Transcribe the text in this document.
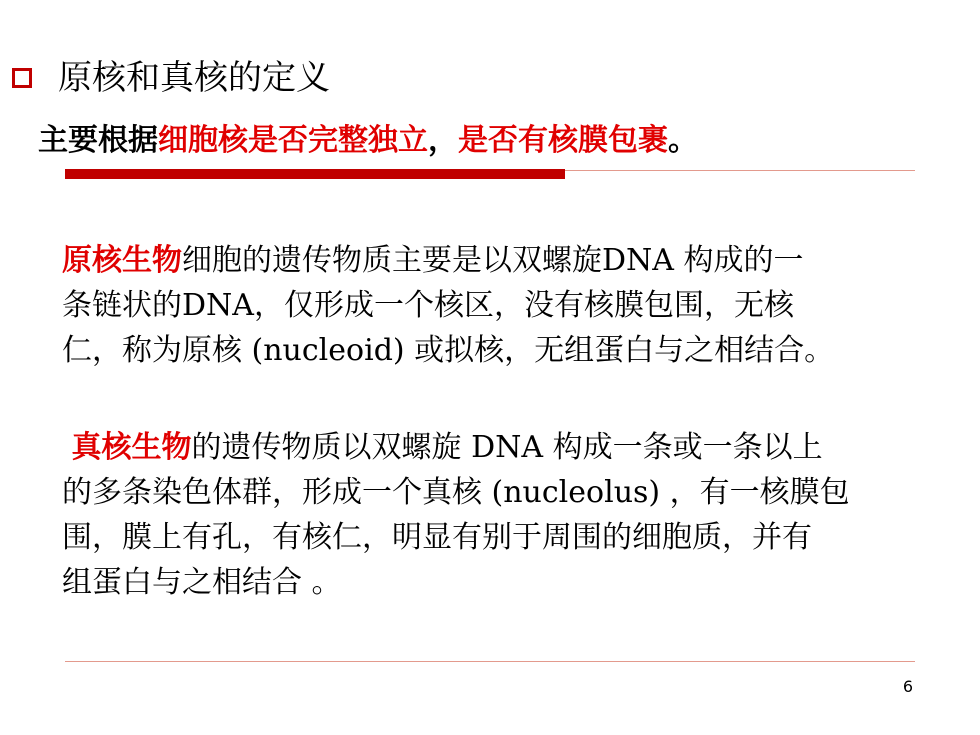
原核和真核的定义
主要根据细胞核是否完整独立，是否有核膜包裹。
原核生物细胞的遗传物质主要是以双螺旋DNA 构成的一
条链状的DNA，仅形成一个核区，没有核膜包围，无核
仁，称为原核 (nucleoid) 或拟核，无组蛋白与之相结合。
真核生物的遗传物质以双螺旋 DNA 构成一条或一条以上
的多条染色体群，形成一个真核 (nucleolus) ，有一核膜包
围，膜上有孔，有核仁，明显有别于周围的细胞质，并有
组蛋白与之相结合 。
6
